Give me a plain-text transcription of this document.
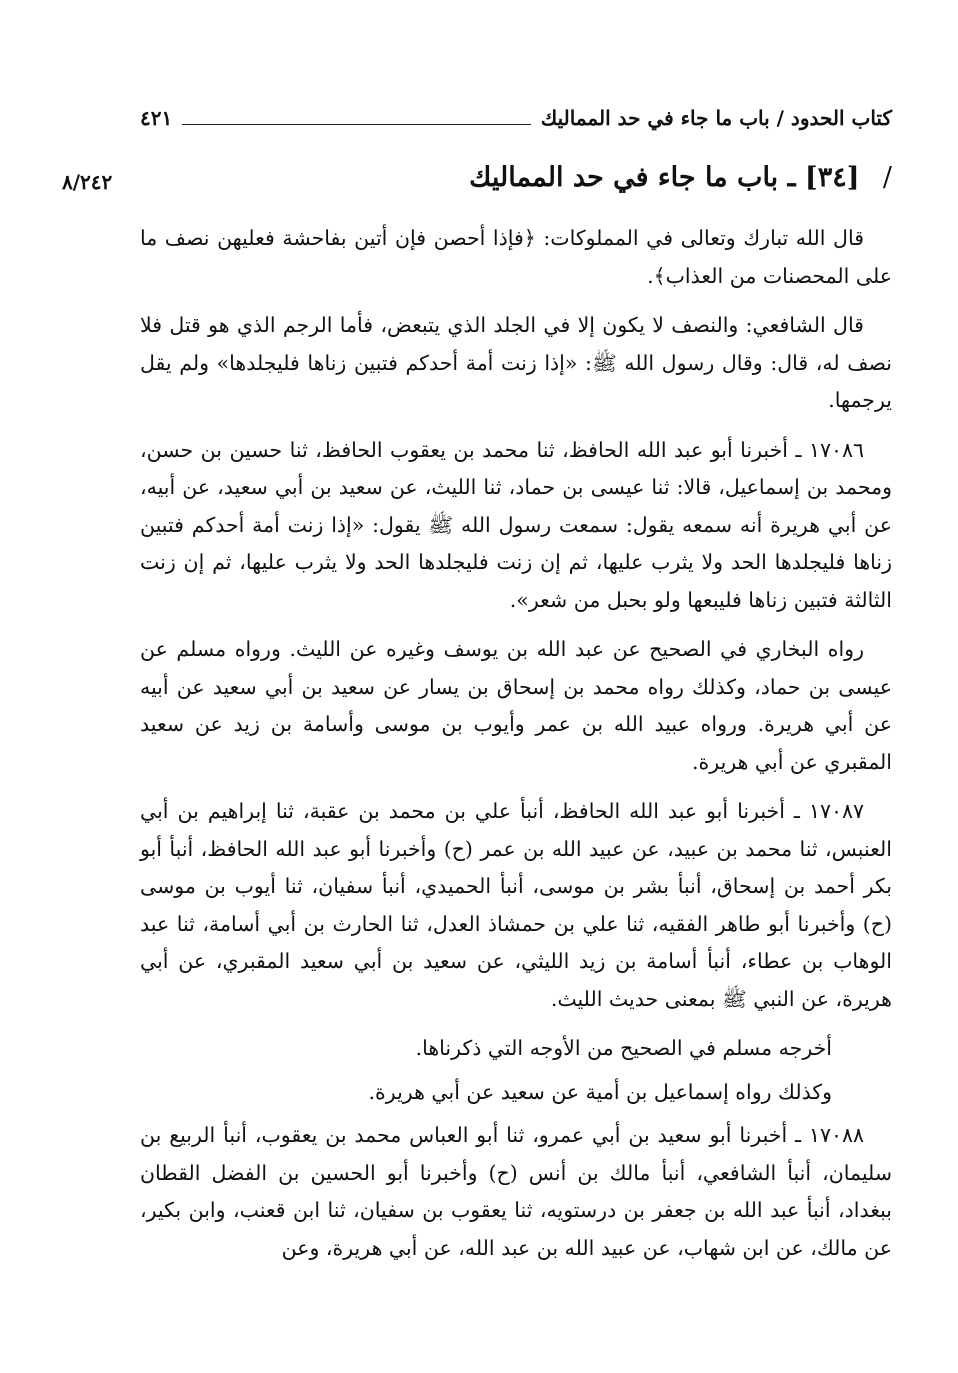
كتاب الحدود / باب ما جاء في حد المماليك
٤٢١
/ [٣٤] ـ باب ما جاء في حد المماليك
٨/٢٤٢

قال الله تبارك وتعالى في المملوكات: ﴿فإذا أحصن فإن أتين بفاحشة فعليهن نصف ما على المحصنات من العذاب﴾.

قال الشافعي: والنصف لا يكون إلا في الجلد الذي يتبعض، فأما الرجم الذي هو قتل فلا نصف له، قال: وقال رسول الله ﷺ: «إذا زنت أمة أحدكم فتبين زناها فليجلدها» ولم يقل يرجمها.

١٧٠٨٦ ـ أخبرنا أبو عبد الله الحافظ، ثنا محمد بن يعقوب الحافظ، ثنا حسين بن حسن، ومحمد بن إسماعيل، قالا: ثنا عيسى بن حماد، ثنا الليث، عن سعيد بن أبي سعيد، عن أبيه، عن أبي هريرة أنه سمعه يقول: سمعت رسول الله ﷺ يقول: «إذا زنت أمة أحدكم فتبين زناها فليجلدها الحد ولا يثرب عليها، ثم إن زنت فليجلدها الحد ولا يثرب عليها، ثم إن زنت الثالثة فتبين زناها فليبعها ولو بحبل من شعر».

رواه البخاري في الصحيح عن عبد الله بن يوسف وغيره عن الليث. ورواه مسلم عن عيسى بن حماد، وكذلك رواه محمد بن إسحاق بن يسار عن سعيد بن أبي سعيد عن أبيه عن أبي هريرة. ورواه عبيد الله بن عمر وأيوب بن موسى وأسامة بن زيد عن سعيد المقبري عن أبي هريرة.

١٧٠٨٧ ـ أخبرنا أبو عبد الله الحافظ، أنبأ علي بن محمد بن عقبة، ثنا إبراهيم بن أبي العنبس، ثنا محمد بن عبيد، عن عبيد الله بن عمر (ح) وأخبرنا أبو عبد الله الحافظ، أنبأ أبو بكر أحمد بن إسحاق، أنبأ بشر بن موسى، أنبأ الحميدي، أنبأ سفيان، ثنا أيوب بن موسى (ح) وأخبرنا أبو طاهر الفقيه، ثنا علي بن حمشاذ العدل، ثنا الحارث بن أبي أسامة، ثنا عبد الوهاب بن عطاء، أنبأ أسامة بن زيد الليثي، عن سعيد بن أبي سعيد المقبري، عن أبي هريرة، عن النبي ﷺ بمعنى حديث الليث.

أخرجه مسلم في الصحيح من الأوجه التي ذكرناها.

وكذلك رواه إسماعيل بن أمية عن سعيد عن أبي هريرة.

١٧٠٨٨ ـ أخبرنا أبو سعيد بن أبي عمرو، ثنا أبو العباس محمد بن يعقوب، أنبأ الربيع بن سليمان، أنبأ الشافعي، أنبأ مالك بن أنس (ح) وأخبرنا أبو الحسين بن الفضل القطان ببغداد، أنبأ عبد الله بن جعفر بن درستويه، ثنا يعقوب بن سفيان، ثنا ابن قعنب، وابن بكير، عن مالك، عن ابن شهاب، عن عبيد الله بن عبد الله، عن أبي هريرة، وعن
